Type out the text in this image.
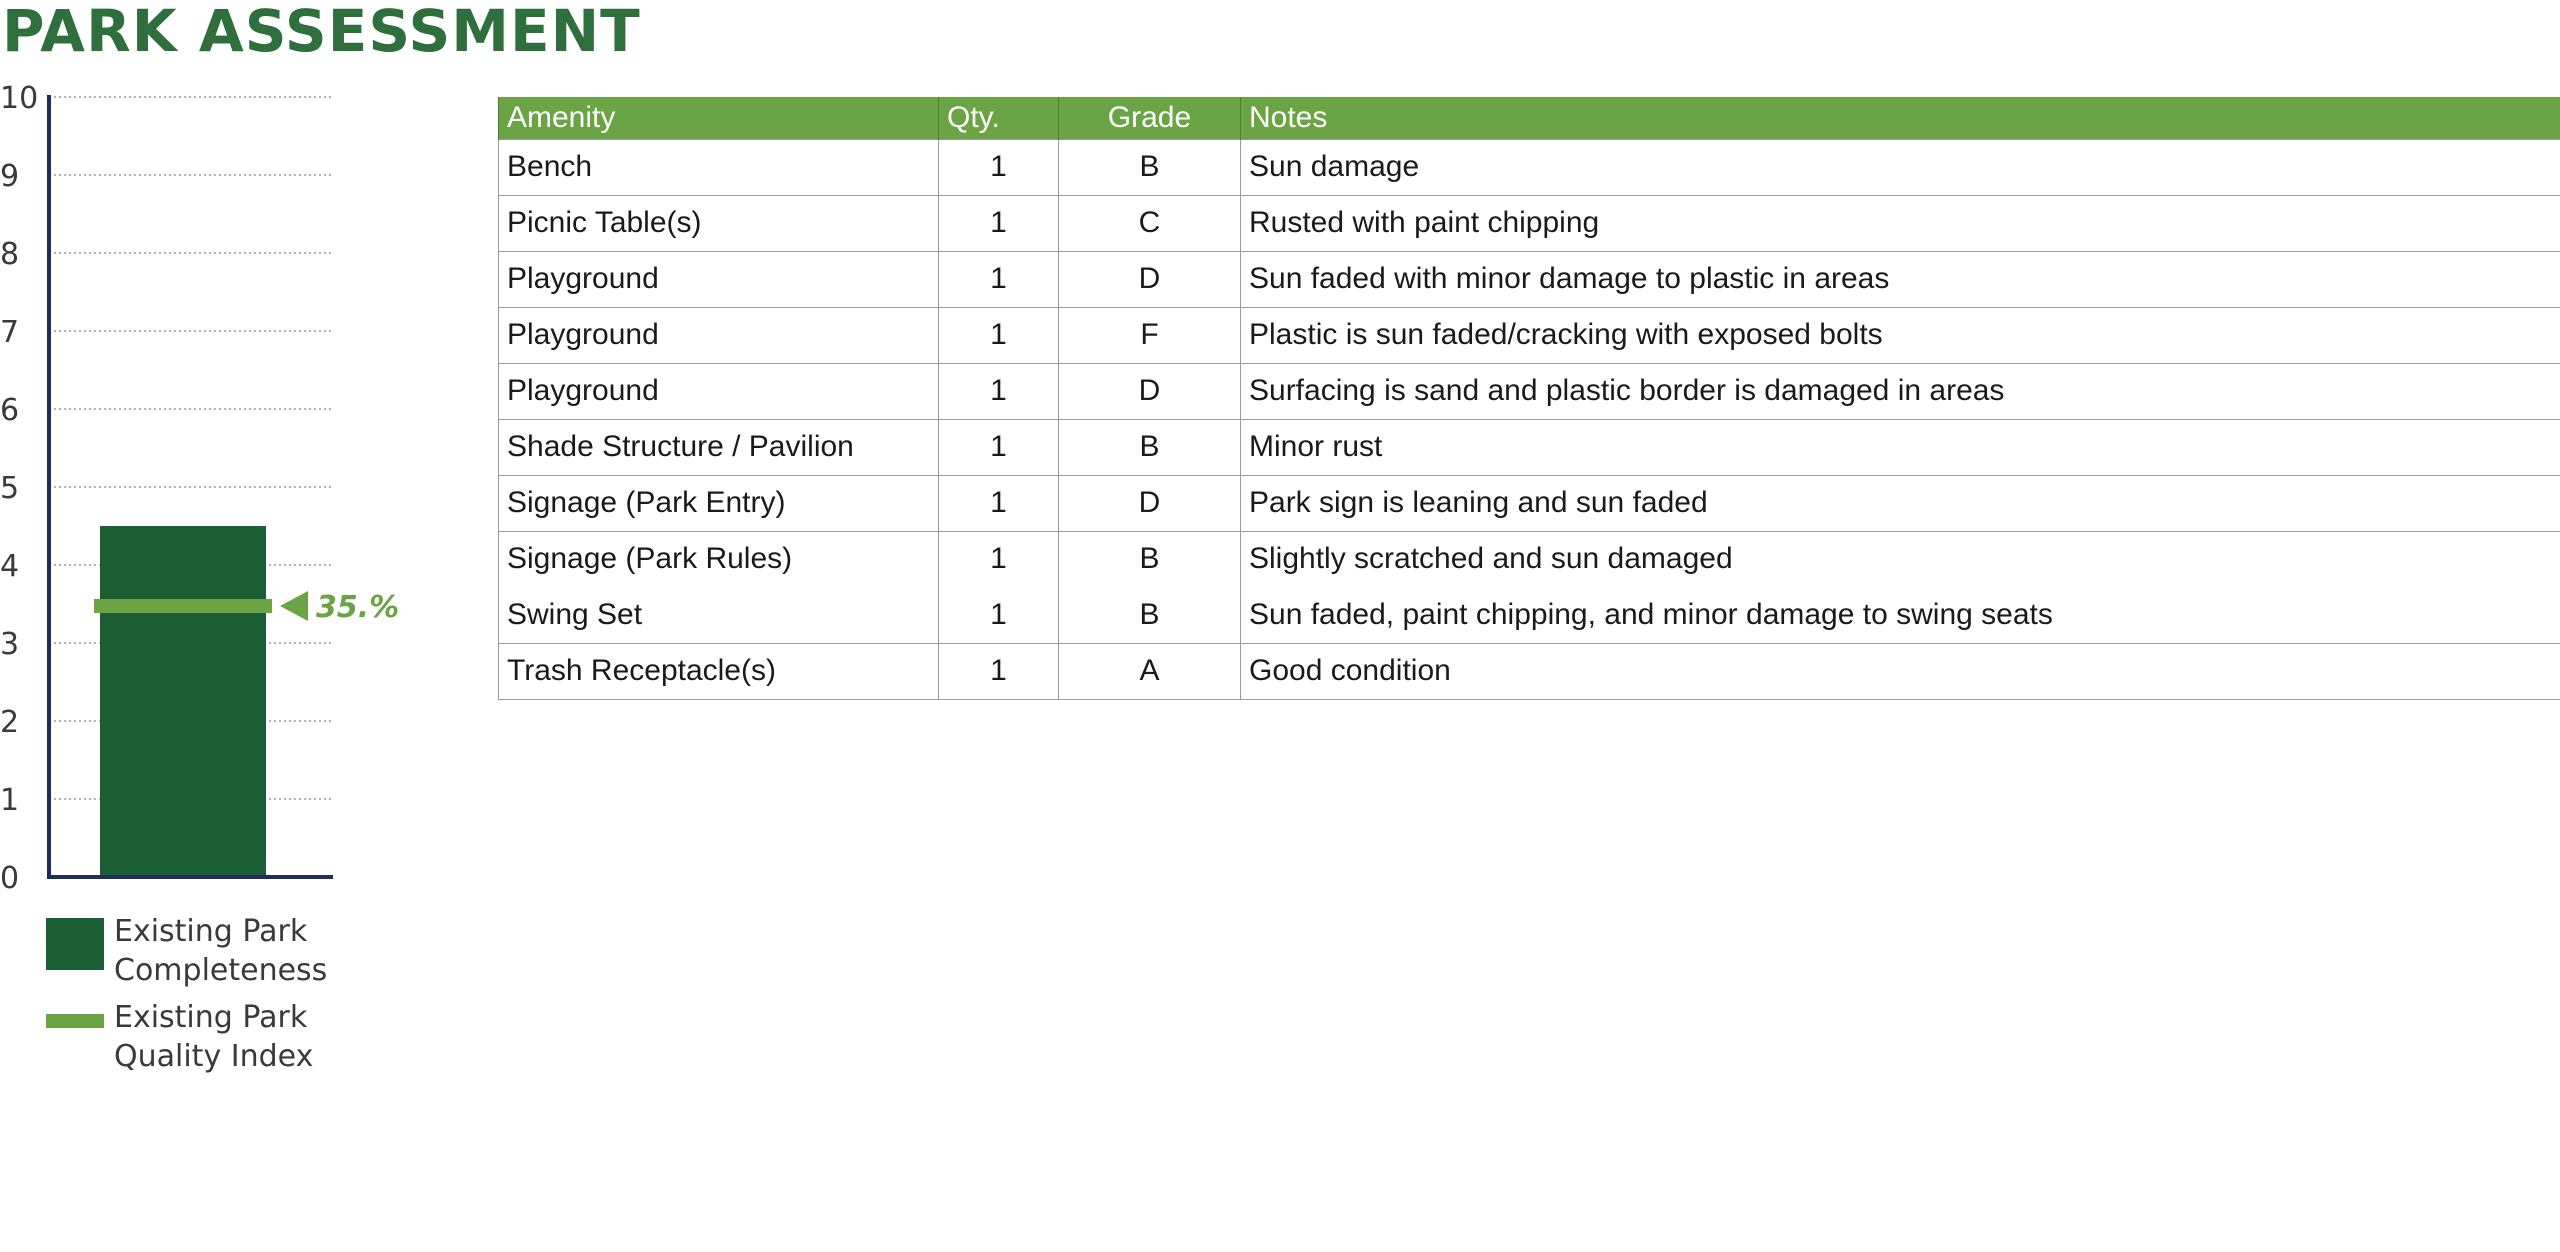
PARK ASSESSMENT
0
1
2
3
4
5
6
7
8
9
10
35.%
Existing Park
Completeness
Existing Park
Quality Index
Amenity	Qty.	Grade	Notes
Bench	1	B	Sun damage
Picnic Table(s)	1	C	Rusted with paint chipping
Playground	1	D	Sun faded with minor damage to plastic in areas
Playground	1	F	Plastic is sun faded/cracking with exposed bolts
Playground	1	D	Surfacing is sand and plastic border is damaged in areas
Shade Structure / Pavilion	1	B	Minor rust
Signage (Park Entry)	1	D	Park sign is leaning and sun faded
Signage (Park Rules)	1	B	Slightly scratched and sun damaged
Swing Set	1	B	Sun faded, paint chipping, and minor damage to swing seats
Trash Receptacle(s)	1	A	Good condition
